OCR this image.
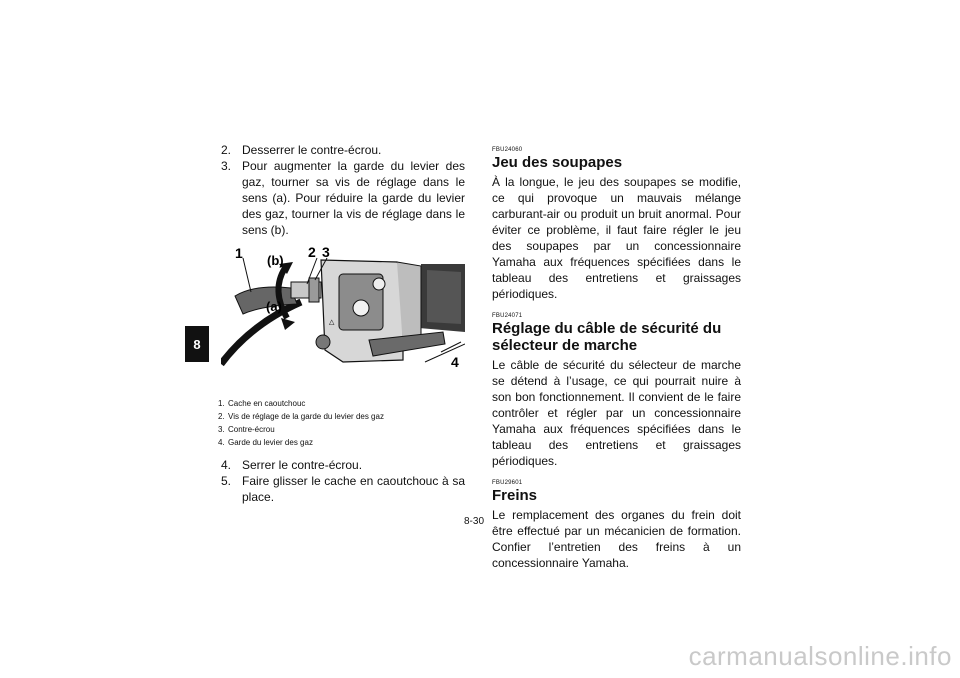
8
2. Desserrer le contre-écrou.
3. Pour augmenter la garde du levier des gaz, tourner sa vis de réglage dans le sens (a). Pour réduire la garde du levier des gaz, tourner la vis de réglage dans le sens (b).
△
1 (b)
2 3
(a)
4
1. Cache en caoutchouc
2. Vis de réglage de la garde du levier des gaz
3. Contre-écrou
4. Garde du levier des gaz
4. Serrer le contre-écrou.
5. Faire glisser le cache en caoutchouc à sa place.
FBU24060
Jeu des soupapes

À la longue, le jeu des soupapes se modifie, ce qui provoque un mauvais mélange carburant-air ou produit un bruit anormal. Pour éviter ce problème, il faut faire régler le jeu des soupapes par un concessionnaire Yamaha aux fréquences spécifiées dans le tableau des entretiens et graissages périodiques.

FBU24071
Réglage du câble de sécurité du sélecteur de marche

Le câble de sécurité du sélecteur de marche se détend à l’usage, ce qui pourrait nuire à son bon fonctionnement. Il convient de le faire contrôler et régler par un concessionnaire Yamaha aux fréquences spécifiées dans le tableau des entretiens et graissages périodiques.

FBU29601
Freins

Le remplacement des organes du frein doit être effectué par un mécanicien de formation. Confier l’entretien des freins à un concessionnaire Yamaha.

8-30
carmanualsonline.info
